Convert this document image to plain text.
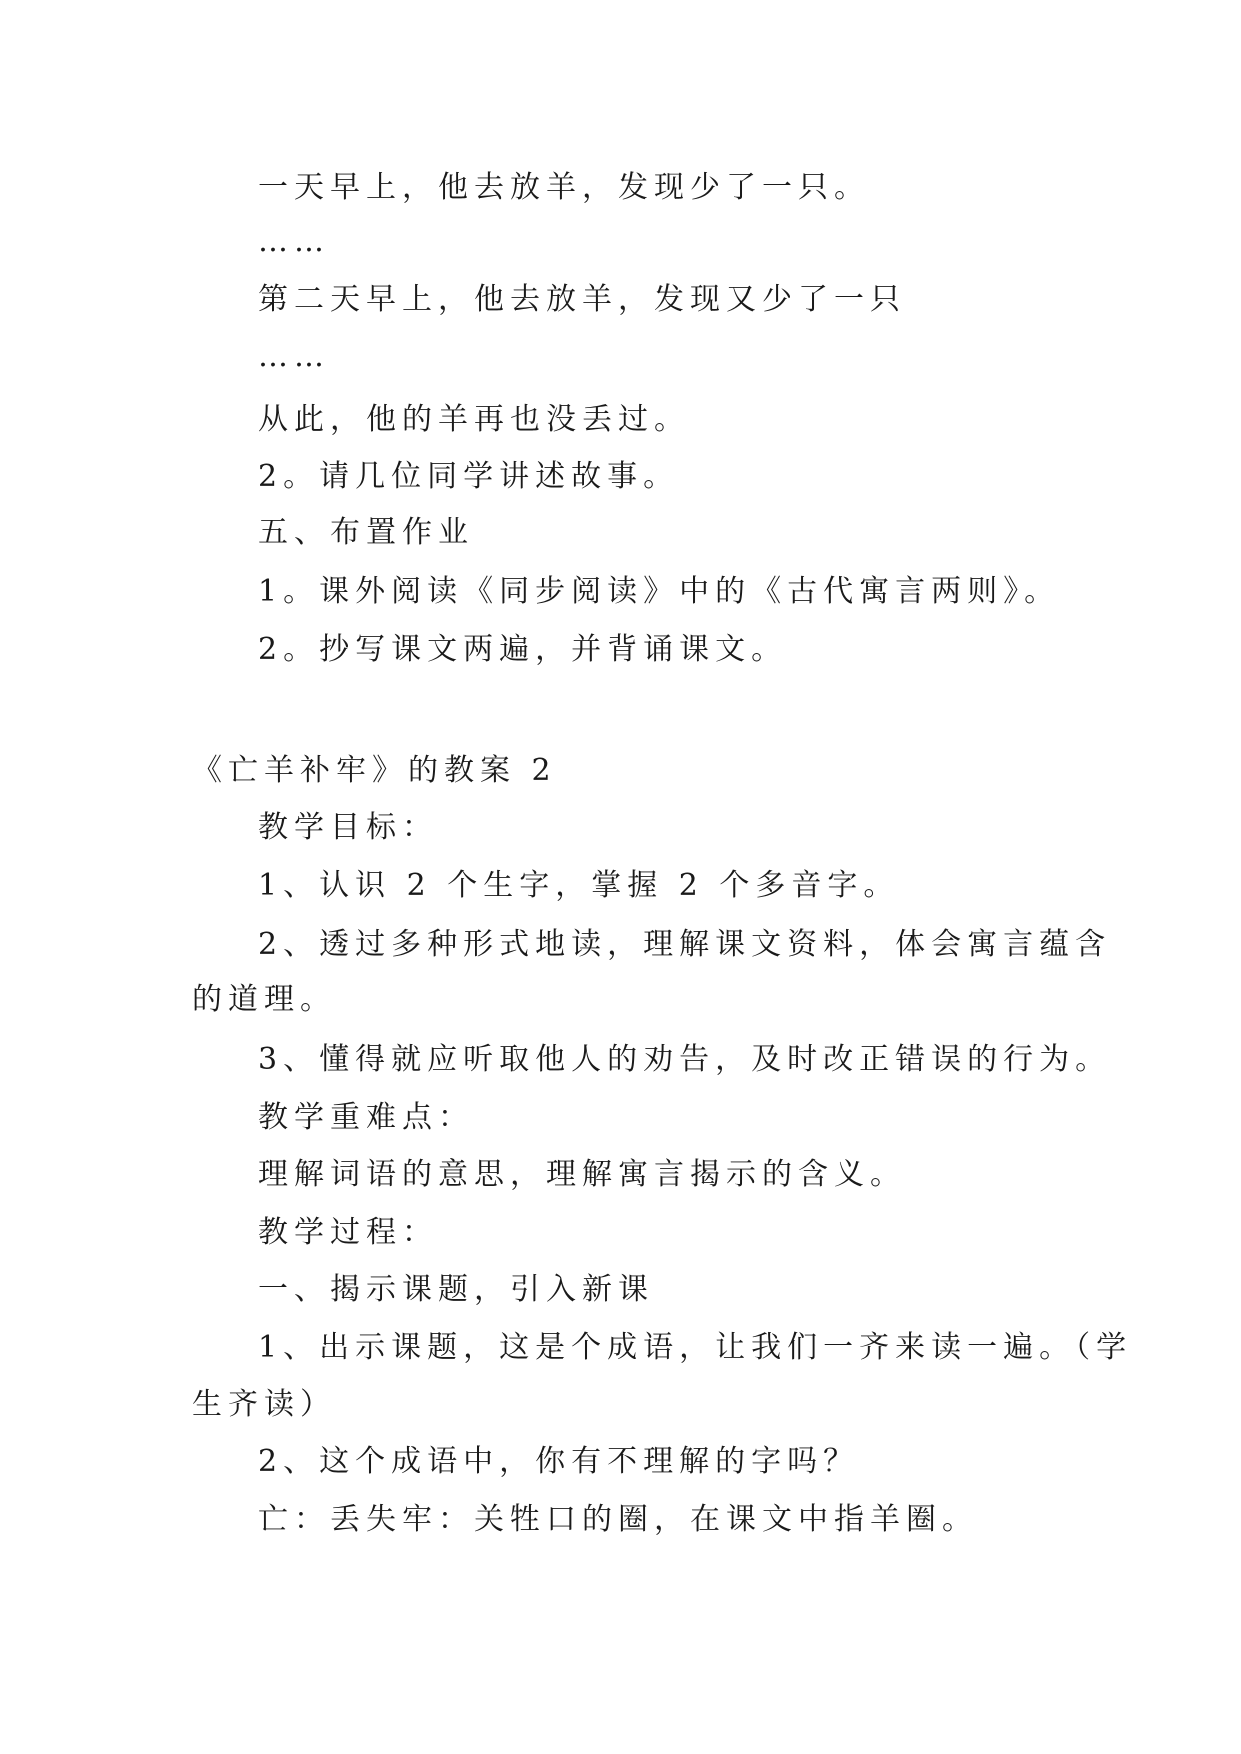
一天早上，他去放羊，发现少了一只。
……
第二天早上，他去放羊，发现又少了一只
……
从此，他的羊再也没丢过。
2。请几位同学讲述故事。
五、布置作业
1。课外阅读《同步阅读》中的《古代寓言两则》。
2。抄写课文两遍，并背诵课文。
《亡羊补牢》的教案 2
教学目标：
1、认识 2 个生字，掌握 2 个多音字。
2、透过多种形式地读，理解课文资料，体会寓言蕴含
的道理。
3、懂得就应听取他人的劝告，及时改正错误的行为。
教学重难点：
理解词语的意思，理解寓言揭示的含义。
教学过程：
一、揭示课题，引入新课
1、出示课题，这是个成语，让我们一齐来读一遍。（学
生齐读）
2、这个成语中，你有不理解的字吗？
亡：丢失牢：关牲口的圈，在课文中指羊圈。
